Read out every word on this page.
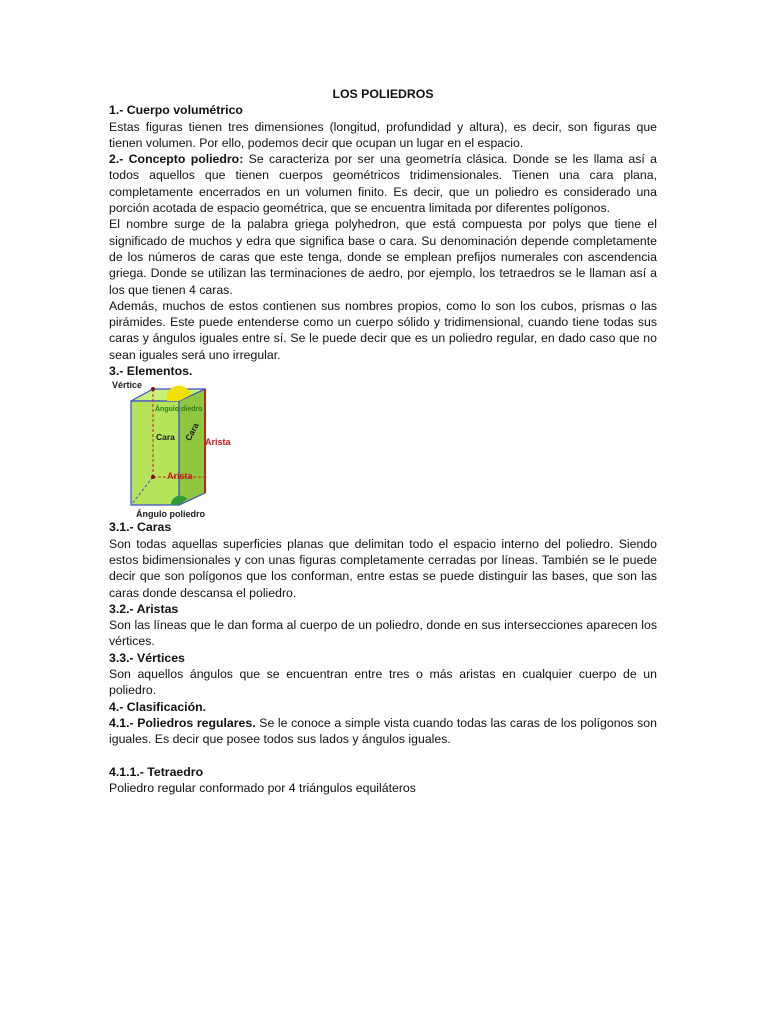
LOS POLIEDROS

1.- Cuerpo volumétrico

Estas figuras tienen tres dimensiones (longitud, profundidad y altura), es decir, son figuras que tienen volumen. Por ello, podemos decir que ocupan un lugar en el espacio.

2.- Concepto poliedro: Se caracteriza por ser una geometría clásica. Donde se les llama así a todos aquellos que tienen cuerpos geométricos tridimensionales. Tienen una cara plana, completamente encerrados en un volumen finito. Es decir, que un poliedro es considerado una porción acotada de espacio geométrica, que se encuentra limitada por diferentes polígonos.

El nombre surge de la palabra griega polyhedron, que está compuesta por polys que tiene el significado de muchos y edra que significa base o cara. Su denominación depende completamente de los números de caras que este tenga, donde se emplean prefijos numerales con ascendencia griega. Donde se utilizan las terminaciones de aedro, por ejemplo, los tetraedros se le llaman así a los que tienen 4 caras.

Además, muchos de estos contienen sus nombres propios, como lo son los cubos, prismas o las pirámides. Este puede entenderse como un cuerpo sólido y tridimensional, cuando tiene todas sus caras y ángulos iguales entre sí. Se le puede decir que es un poliedro regular, en dado caso que no sean iguales será uno irregular.

3.- Elementos.

Vértice
Ángulo diedro
Cara Cara Arista
Arista
Ángulo poliedro

3.1.- Caras

Son todas aquellas superficies planas que delimitan todo el espacio interno del poliedro. Siendo estos bidimensionales y con unas figuras completamente cerradas por líneas. También se le puede decir que son polígonos que los conforman, entre estas se puede distinguir las bases, que son las caras donde descansa el poliedro.

3.2.- Aristas

Son las líneas que le dan forma al cuerpo de un poliedro, donde en sus intersecciones aparecen los vértices.

3.3.- Vértices

Son aquellos ángulos que se encuentran entre tres o más aristas en cualquier cuerpo de un poliedro.

4.- Clasificación.

4.1.- Poliedros regulares. Se le conoce a simple vista cuando todas las caras de los polígonos son iguales. Es decir que posee todos sus lados y ángulos iguales.

4.1.1.- Tetraedro

Poliedro regular conformado por 4 triángulos equiláteros
